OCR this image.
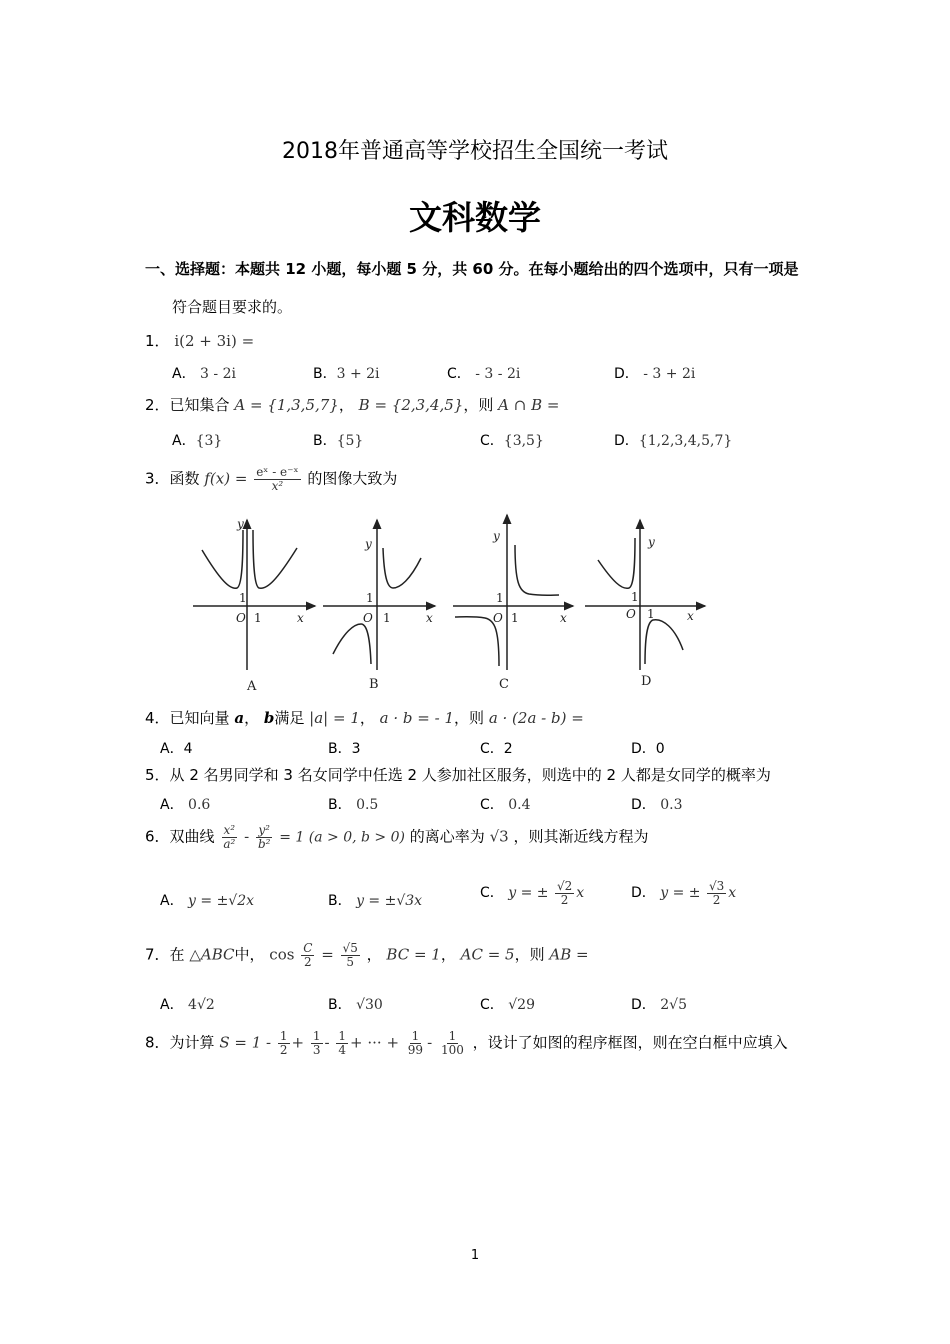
2018年普通高等学校招生全国统一考试
文科数学
一、选择题：本题共 12 小题，每小题 5 分，共 60 分。在每小题给出的四个选项中，只有一项是
符合题目要求的。
1． i(2 + 3i) =
A． 3 - 2i	B．3 + 2i	C． - 3 - 2i	D． - 3 + 2i
2．已知集合 A = {1,3,5,7}， B = {2,3,4,5}，则 A ∩ B =
A．{3}	B．{5}	C．{3,5}	D．{1,2,3,4,5,7}
3．函数 $f(x) = \frac{\text{eˣ - e⁻ˣ}}{\text{x²}}$ 的图像大致为
O 1
1
x
y
A
O 1
1
x
y
B
O 1
1
x
y
C
O 1
1
x
y
D
4．已知向量 a， b满足 |a| = 1， a · b = - 1，则 a · (2a - b) =
A．4	B．3	C．2	D．0
5．从 2 名男同学和 3 名女同学中任选 2 人参加社区服务，则选中的 2 人都是女同学的概率为
A． 0.6	B． 0.5	C． 0.4	D． 0.3
6．双曲线 $\frac{\text{x²}}{\text{a²}} - \frac{\text{y²}}{\text{b²}} = 1$ (a > 0, b > 0) 的离心率为 √3 ，则其渐近线方程为
A． y = ±√2x	B． y = ±√3x	C． y = ± $\frac{√2}{2}$ x	D． y = ± $\frac{√3}{2}$ x
7．在 △ABC中， $\cos \frac{C}{2} = \frac{√5}{5}$ ， BC = 1， AC = 5，则 AB =
A． 4√2	B． √30	C． √29	D． 2√5
8．为计算 $S = 1 - \frac{1}{2} + \frac{1}{3} - \frac{1}{4}$ + ··· + $\frac{1}{99} - \frac{1}{100}$ ，设计了如图的程序框图，则在空白框中应填入
1
